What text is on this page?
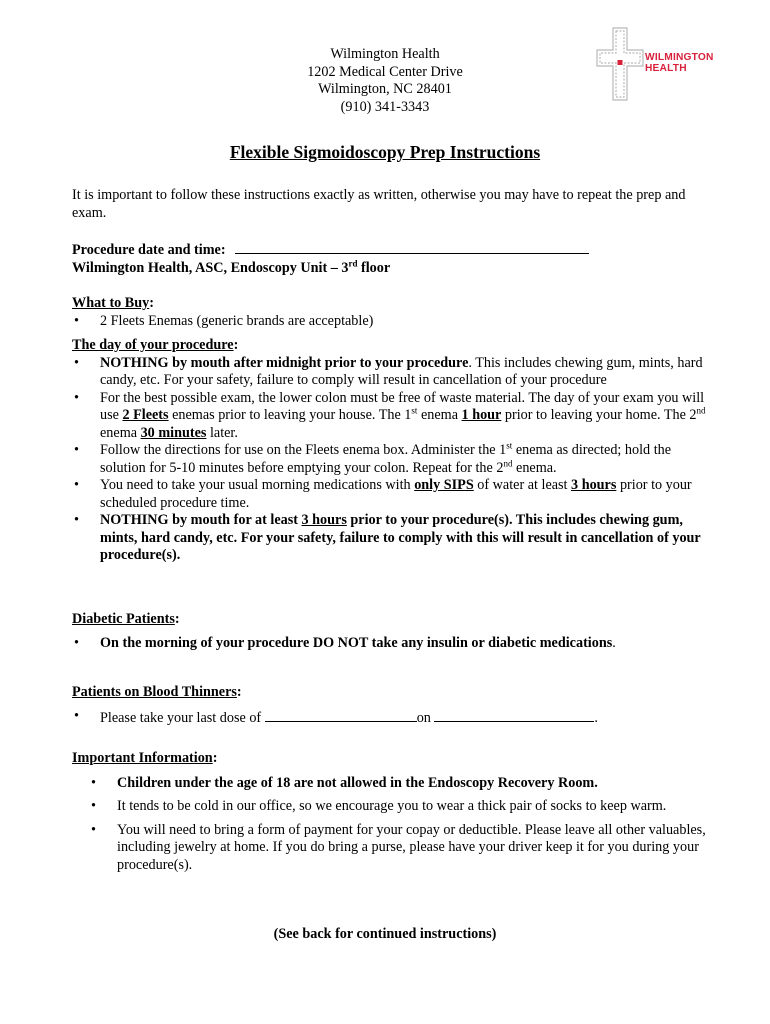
Wilmington Health
1202 Medical Center Drive
Wilmington, NC 28401
(910) 341-3343
WILMINGTON
HEALTH
Flexible Sigmoidoscopy Prep Instructions
It is important to follow these instructions exactly as written, otherwise you may have to repeat the prep and exam.
Procedure date and time:
Wilmington Health, ASC, Endoscopy Unit – 3rd floor
What to Buy:
• 2 Fleets Enemas (generic brands are acceptable)
The day of your procedure:
• NOTHING by mouth after midnight prior to your procedure. This includes chewing gum, mints, hard candy, etc. For your safety, failure to comply will result in cancellation of your procedure
• For the best possible exam, the lower colon must be free of waste material. The day of your exam you will use 2 Fleets enemas prior to leaving your house. The 1st enema 1 hour prior to leaving your home. The 2nd enema 30 minutes later.
• Follow the directions for use on the Fleets enema box. Administer the 1st enema as directed; hold the solution for 5-10 minutes before emptying your colon. Repeat for the 2nd enema.
• You need to take your usual morning medications with only SIPS of water at least 3 hours prior to your scheduled procedure time.
• NOTHING by mouth for at least 3 hours prior to your procedure(s). This includes chewing gum, mints, hard candy, etc. For your safety, failure to comply with this will result in cancellation of your procedure(s).
Diabetic Patients:
• On the morning of your procedure DO NOT take any insulin or diabetic medications.
Patients on Blood Thinners:
• Please take your last dose of	on	.
Important Information:
• Children under the age of 18 are not allowed in the Endoscopy Recovery Room.
• It tends to be cold in our office, so we encourage you to wear a thick pair of socks to keep warm.
• You will need to bring a form of payment for your copay or deductible. Please leave all other valuables, including jewelry at home. If you do bring a purse, please have your driver keep it for you during your procedure(s).
(See back for continued instructions)
